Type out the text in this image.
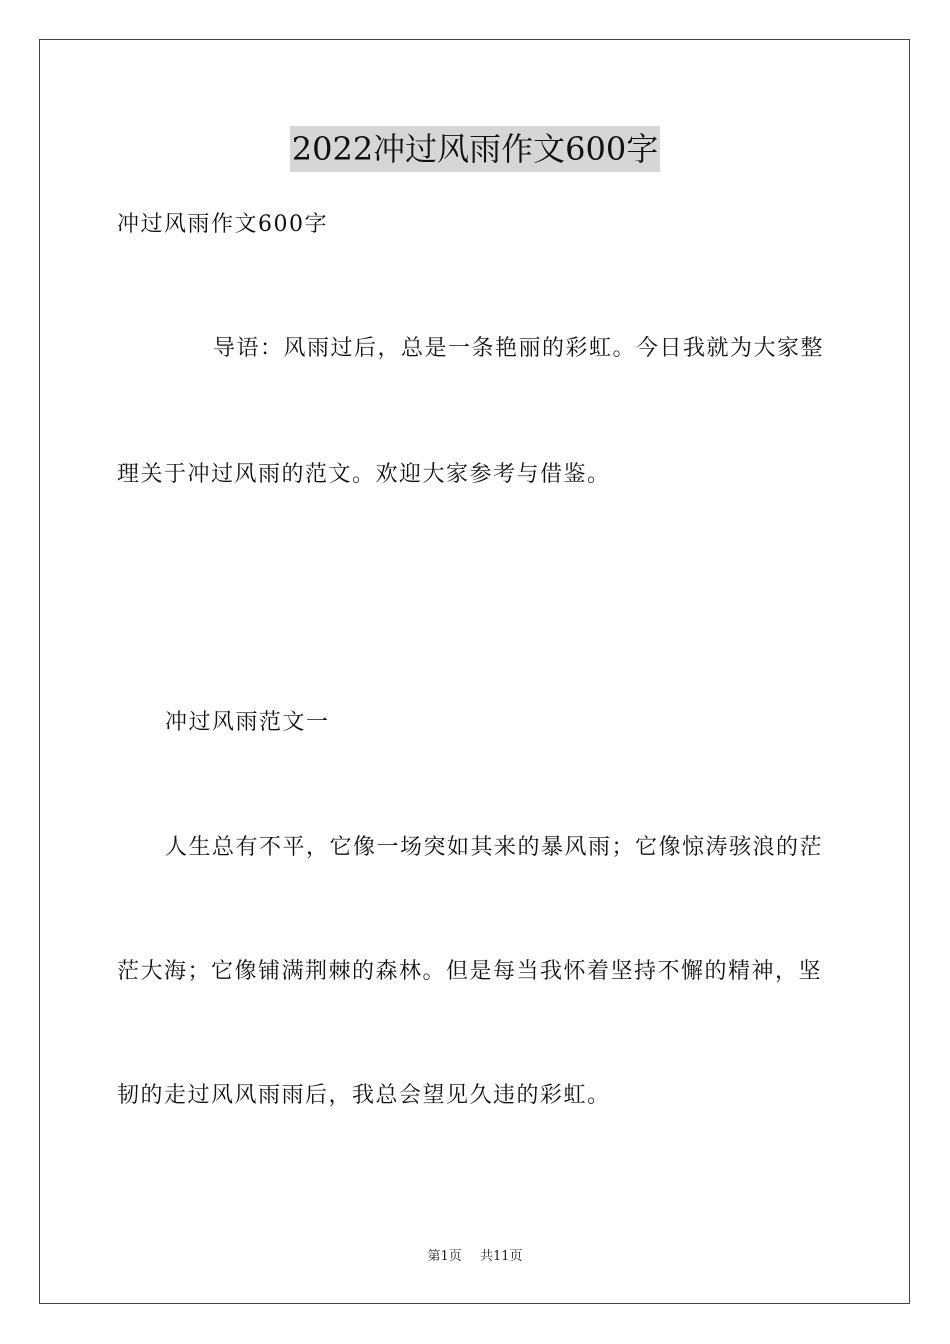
2022冲过风雨作文600字
冲过风雨作文600字
导语：风雨过后，总是一条艳丽的彩虹。今日我就为大家整
理关于冲过风雨的范文。欢迎大家参考与借鉴。
冲过风雨范文一
人生总有不平，它像一场突如其来的暴风雨；它像惊涛骇浪的茫
茫大海；它像铺满荆棘的森林。但是每当我怀着坚持不懈的精神，坚
韧的走过风风雨雨后，我总会望见久违的彩虹。
第1页 共11页
